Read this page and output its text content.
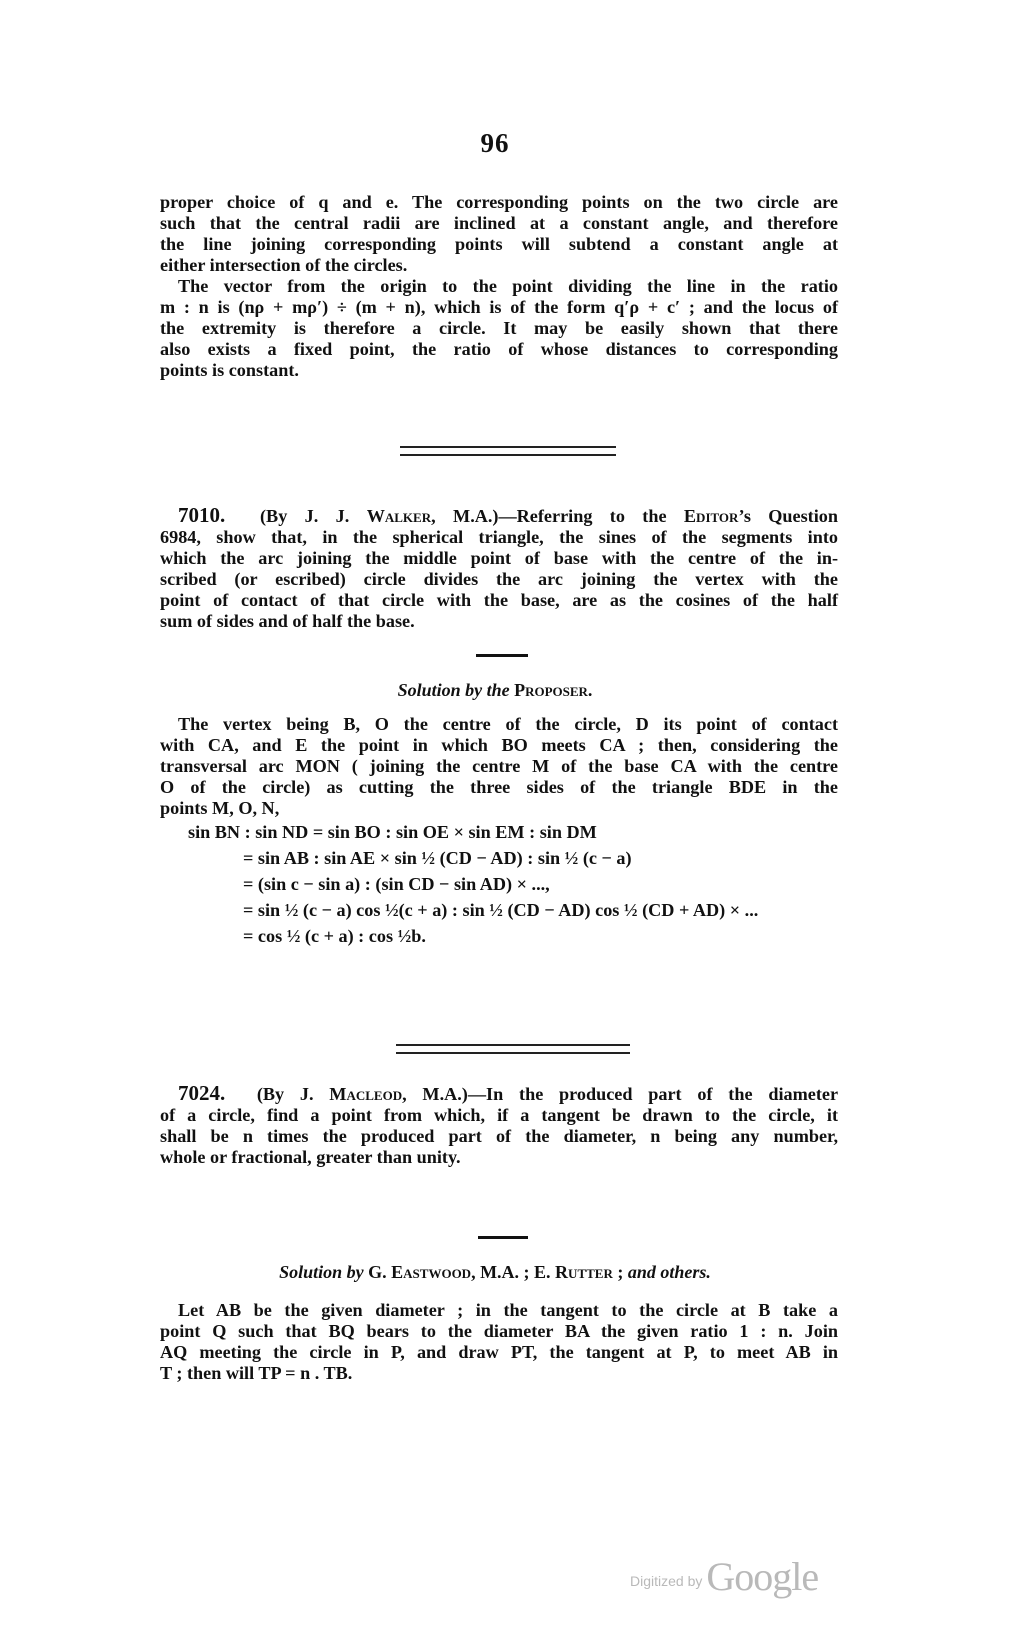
96
proper choice of q and e. The corresponding points on the two circle are
such that the central radii are inclined at a constant angle, and therefore
the line joining corresponding points will subtend a constant angle at
either intersection of the circles.
The vector from the origin to the point dividing the line in the ratio
m : n is (nρ + mρ′) ÷ (m + n), which is of the form q′ρ + c′ ; and the locus of
the extremity is therefore a circle. It may be easily shown that there
also exists a fixed point, the ratio of whose distances to corresponding
points is constant.
7010. (By J. J. Walker, M.A.)—Referring to the Editor’s Question
6984, show that, in the spherical triangle, the sines of the segments into
which the arc joining the middle point of base with the centre of the in-
scribed (or escribed) circle divides the arc joining the vertex with the
point of contact of that circle with the base, are as the cosines of the half
sum of sides and of half the base.
Solution by the Proposer.
The vertex being B, O the centre of the circle, D its point of contact
with CA, and E the point in which BO meets CA ; then, considering the
transversal arc MON ( joining the centre M of the base CA with the centre
O of the circle) as cutting the three sides of the triangle BDE in the
points M, O, N,
sin BN : sin ND = sin BO : sin OE × sin EM : sin DM
= sin AB : sin AE × sin ½ (CD − AD) : sin ½ (c − a)
= (sin c − sin a) : (sin CD − sin AD) × ...,
= sin ½ (c − a) cos ½(c + a) : sin ½ (CD − AD) cos ½ (CD + AD) × ...
= cos ½ (c + a) : cos ½b.
7024. (By J. Macleod, M.A.)—In the produced part of the diameter
of a circle, find a point from which, if a tangent be drawn to the circle, it
shall be n times the produced part of the diameter, n being any number,
whole or fractional, greater than unity.
Solution by G. Eastwood, M.A. ; E. Rutter ; and others.
Let AB be the given diameter ; in the tangent to the circle at B take a
point Q such that BQ bears to the diameter BA the given ratio 1 : n. Join
AQ meeting the circle in P, and draw PT, the tangent at P, to meet AB in
T ; then will TP = n . TB.
Digitized by Google
